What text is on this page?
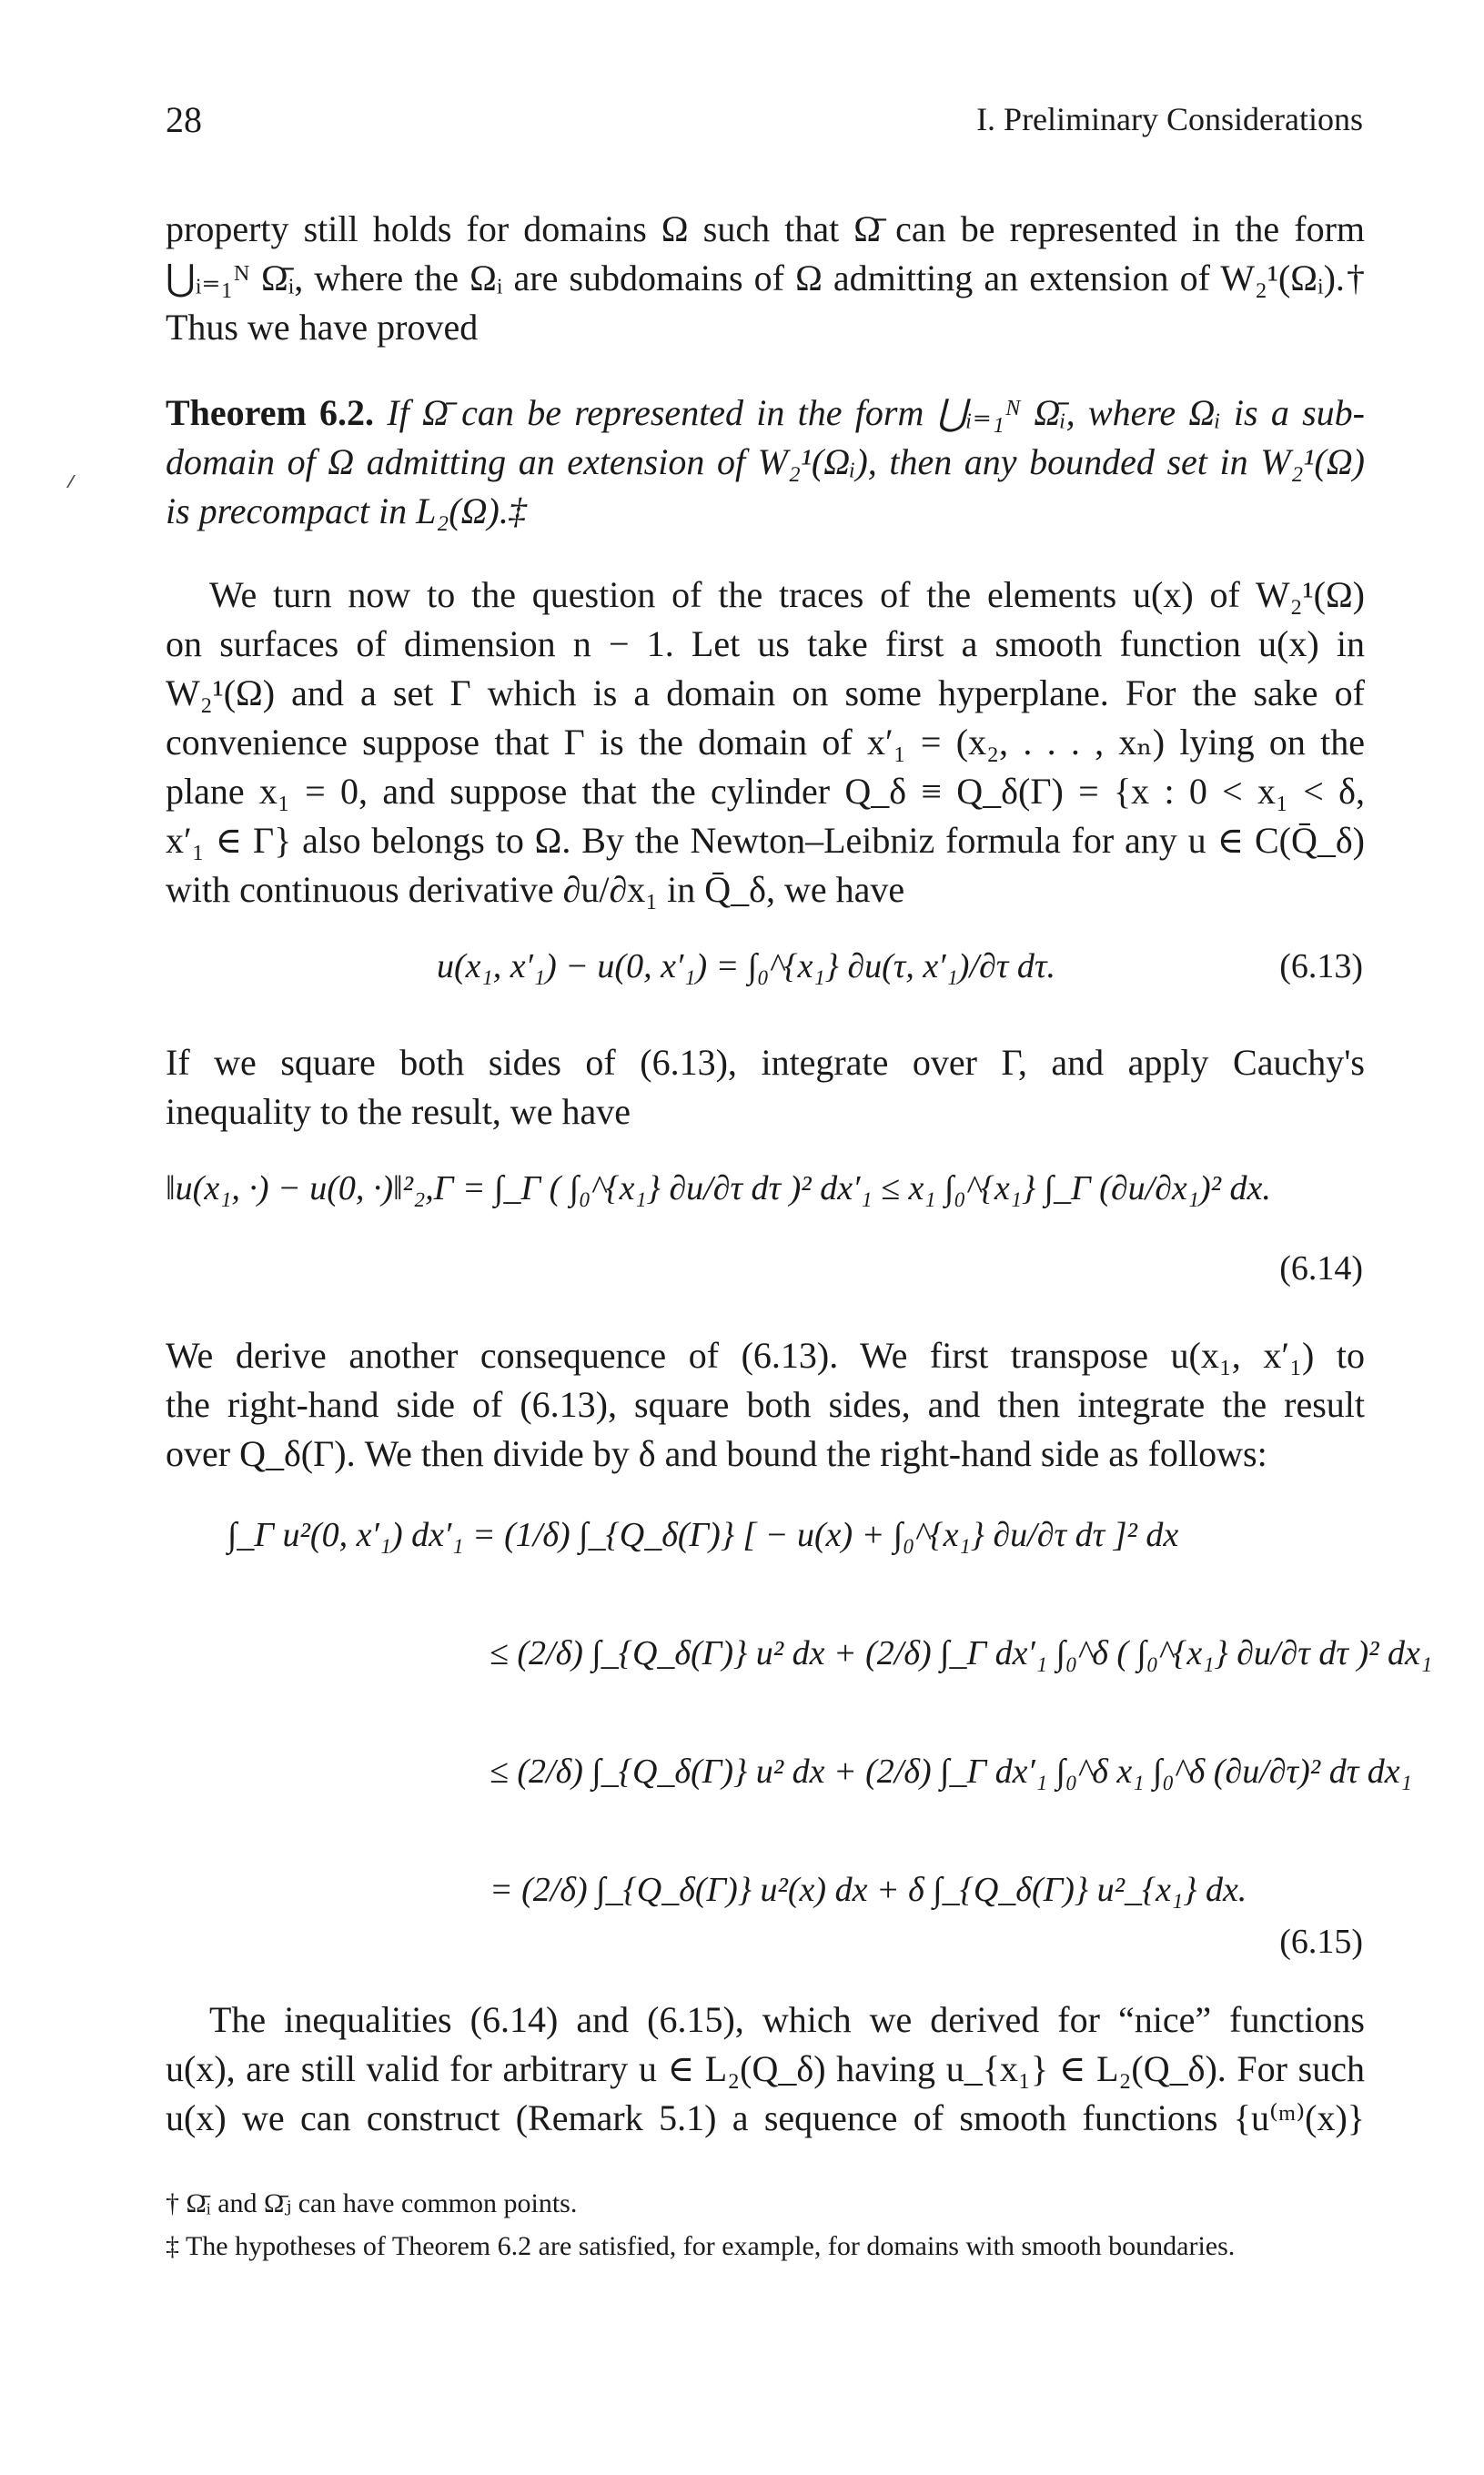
28	I. Preliminary Considerations
property still holds for domains Ω such that Ω̄ can be represented in the form
⋃ᵢ₌₁ᴺ Ω̄ᵢ, where the Ωᵢ are subdomains of Ω admitting an extension of W₂¹(Ωᵢ).†
Thus we have proved
Theorem 6.2. If Ω̄ can be represented in the form ⋃ᵢ₌₁ᴺ Ω̄ᵢ, where Ωᵢ is a sub-
domain of Ω admitting an extension of W₂¹(Ωᵢ), then any bounded set in W₂¹(Ω)
is precompact in L₂(Ω).‡
We turn now to the question of the traces of the elements u(x) of W₂¹(Ω)
on surfaces of dimension n − 1. Let us take first a smooth function u(x) in
W₂¹(Ω) and a set Γ which is a domain on some hyperplane. For the sake of
convenience suppose that Γ is the domain of x′₁ = (x₂, . . . , xₙ) lying on the
plane x₁ = 0, and suppose that the cylinder Q_δ ≡ Q_δ(Γ) = {x : 0 < x₁ < δ,
x′₁ ∈ Γ} also belongs to Ω. By the Newton–Leibniz formula for any u ∈ C(Q̄_δ)
with continuous derivative ∂u/∂x₁ in Q̄_δ, we have
u(x₁, x′₁) − u(0, x′₁) = ∫₀^{x₁} ∂u(τ, x′₁)/∂τ dτ.	(6.13)
If we square both sides of (6.13), integrate over Γ, and apply Cauchy's
inequality to the result, we have
‖u(x₁, ·) − u(0, ·)‖²₂,Γ = ∫_Γ ( ∫₀^{x₁} ∂u/∂τ dτ )² dx′₁ ≤ x₁ ∫₀^{x₁} ∫_Γ (∂u/∂x₁)² dx.
(6.14)
We derive another consequence of (6.13). We first transpose u(x₁, x′₁) to
the right-hand side of (6.13), square both sides, and then integrate the result
over Q_δ(Γ). We then divide by δ and bound the right-hand side as follows:
∫_Γ u²(0, x′₁) dx′₁ = (1/δ) ∫_{Q_δ(Γ)} [ − u(x) + ∫₀^{x₁} ∂u/∂τ dτ ]² dx
≤ (2/δ) ∫_{Q_δ(Γ)} u² dx + (2/δ) ∫_Γ dx′₁ ∫₀^δ ( ∫₀^{x₁} ∂u/∂τ dτ )² dx₁
≤ (2/δ) ∫_{Q_δ(Γ)} u² dx + (2/δ) ∫_Γ dx′₁ ∫₀^δ x₁ ∫₀^δ (∂u/∂τ)² dτ dx₁
= (2/δ) ∫_{Q_δ(Γ)} u²(x) dx + δ ∫_{Q_δ(Γ)} u²_{x₁} dx.
(6.15)
The inequalities (6.14) and (6.15), which we derived for “nice” functions
u(x), are still valid for arbitrary u ∈ L₂(Q_δ) having u_{x₁} ∈ L₂(Q_δ). For such
u(x) we can construct (Remark 5.1) a sequence of smooth functions {u⁽ᵐ⁾(x)}
† Ω̄ᵢ and Ω̄ⱼ can have common points.
‡ The hypotheses of Theorem 6.2 are satisfied, for example, for domains with smooth boundaries.
